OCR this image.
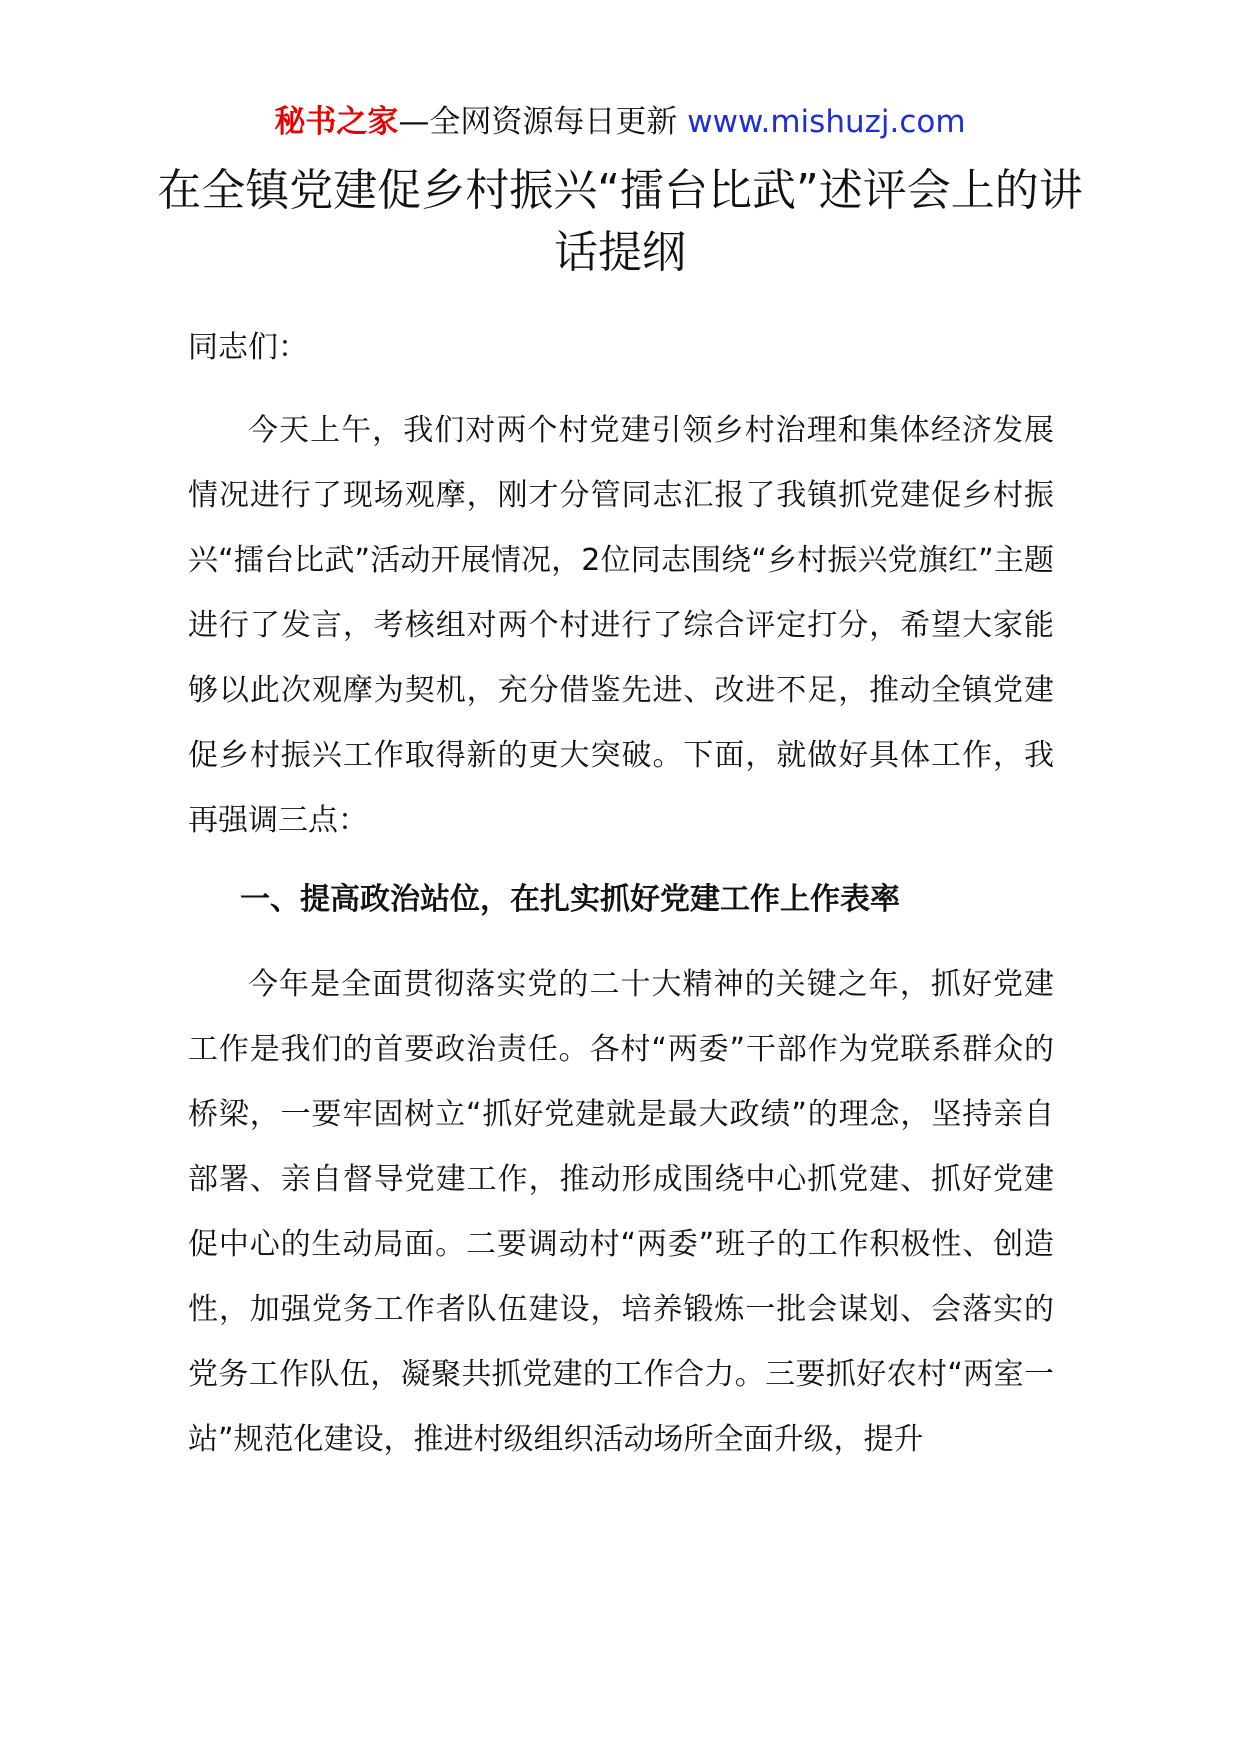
秘书之家—全网资源每日更新 www.mishuzj.com
在全镇党建促乡村振兴“擂台比武”述评会上的讲话提纲

同志们：

今天上午，我们对两个村党建引领乡村治理和集体经济发展情况进行了现场观摩，刚才分管同志汇报了我镇抓党建促乡村振兴“擂台比武”活动开展情况，2位同志围绕“乡村振兴党旗红”主题进行了发言，考核组对两个村进行了综合评定打分，希望大家能够以此次观摩为契机，充分借鉴先进、改进不足，推动全镇党建促乡村振兴工作取得新的更大突破。下面，就做好具体工作，我再强调三点：

一、提高政治站位，在扎实抓好党建工作上作表率

今年是全面贯彻落实党的二十大精神的关键之年，抓好党建工作是我们的首要政治责任。各村“两委”干部作为党联系群众的桥梁，一要牢固树立“抓好党建就是最大政绩”的理念，坚持亲自部署、亲自督导党建工作，推动形成围绕中心抓党建、抓好党建促中心的生动局面。二要调动村“两委”班子的工作积极性、创造性，加强党务工作者队伍建设，培养锻炼一批会谋划、会落实的党务工作队伍，凝聚共抓党建的工作合力。三要抓好农村“两室一站”规范化建设，推进村级组织活动场所全面升级，提升
